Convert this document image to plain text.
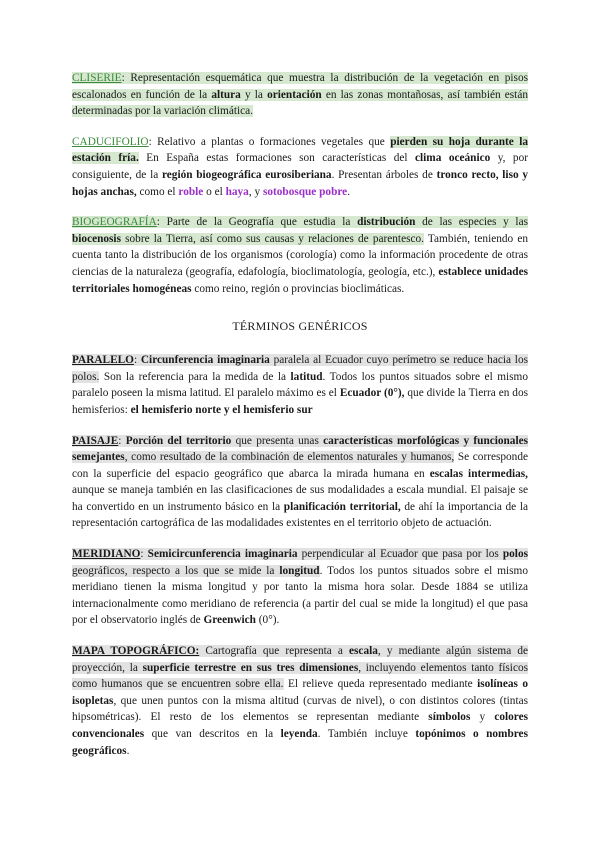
CLISERIE: Representación esquemática que muestra la distribución de la vegetación en pisos escalonados en función de la altura y la orientación en las zonas montañosas, así también están determinadas por la variación climática.

CADUCIFOLIO: Relativo a plantas o formaciones vegetales que pierden su hoja durante la estación fría. En España estas formaciones son características del clima oceánico y, por consiguiente, de la región biogeográfica eurosiberiana. Presentan árboles de tronco recto, liso y hojas anchas, como el roble o el haya, y sotobosque pobre.

BIOGEOGRAFÍA: Parte de la Geografía que estudia la distribución de las especies y las biocenosis sobre la Tierra, así como sus causas y relaciones de parentesco. También, teniendo en cuenta tanto la distribución de los organismos (corología) como la información procedente de otras ciencias de la naturaleza (geografía, edafología, bioclimatología, geología, etc.), establece unidades territoriales homogéneas como reino, región o provincias bioclimáticas.

TÉRMINOS GENÉRICOS

PARALELO: Circunferencia imaginaria paralela al Ecuador cuyo perímetro se reduce hacia los polos. Son la referencia para la medida de la latitud. Todos los puntos situados sobre el mismo paralelo poseen la misma latitud. El paralelo máximo es el Ecuador (0°), que divide la Tierra en dos hemisferios: el hemisferio norte y el hemisferio sur

PAISAJE: Porción del territorio que presenta unas características morfológicas y funcionales semejantes, como resultado de la combinación de elementos naturales y humanos, Se corresponde con la superficie del espacio geográfico que abarca la mirada humana en escalas intermedias, aunque se maneja también en las clasificaciones de sus modalidades a escala mundial. El paisaje se ha convertido en un instrumento básico en la planificación territorial, de ahí la importancia de la representación cartográfica de las modalidades existentes en el territorio objeto de actuación.

MERIDIANO: Semicircunferencia imaginaria perpendicular al Ecuador que pasa por los polos geográficos, respecto a los que se mide la longitud. Todos los puntos situados sobre el mismo meridiano tienen la misma longitud y por tanto la misma hora solar. Desde 1884 se utiliza internacionalmente como meridiano de referencia (a partir del cual se mide la longitud) el que pasa por el observatorio inglés de Greenwich (0°).

MAPA TOPOGRÁFICO: Cartografía que representa a escala, y mediante algún sistema de proyección, la superficie terrestre en sus tres dimensiones, incluyendo elementos tanto físicos como humanos que se encuentren sobre ella. El relieve queda representado mediante isolíneas o isopletas, que unen puntos con la misma altitud (curvas de nivel), o con distintos colores (tintas hipsométricas). El resto de los elementos se representan mediante símbolos y colores convencionales que van descritos en la leyenda. También incluye topónimos o nombres geográficos.
